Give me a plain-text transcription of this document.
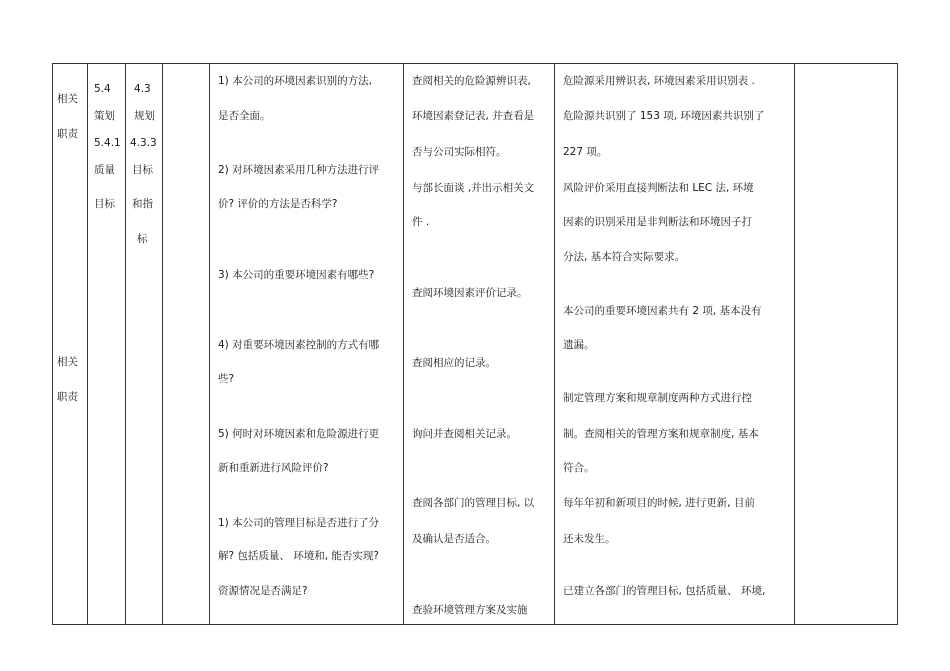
相关
职责
相关
职责
5.4
策划
5.4.1
质量
目标
4.3
规划
4.3.3
目标
和指
标
1) 本公司的环境因素识别的方法,
是否全面。
2) 对环境因素采用几种方法进行评
价? 评价的方法是否科学?
3) 本公司的重要环境因素有哪些?
4) 对重要环境因素控制的方式有哪
些?
5) 何时对环境因素和危险源进行更
新和重新进行风险评价?
1) 本公司的管理目标是否进行了分
解? 包括质量、 环境和, 能否实现?
资源情况是否满足?
查阅相关的危险源辨识表,
环境因素登记表, 并查看是
否与公司实际相符。
与部长面谈 ,并出示相关文
件 .
查阅环境因素评价记录。
查阅相应的记录。
询问并查阅相关记录。
查阅各部门的管理目标, 以
及确认是否适合。
查验环境管理方案及实施
危险源采用辨识表, 环境因素采用识别表 .
危险源共识别了 153 项, 环境因素共识别了
227 项。
风险评价采用直接判断法和 LEC 法, 环境
因素的识别采用是非判断法和环境因子打
分法, 基本符合实际要求。
本公司的重要环境因素共有 2 项, 基本没有
遗漏。
制定管理方案和规章制度两种方式进行控
制。查阅相关的管理方案和规章制度, 基本
符合。
每年年初和新项目的时候, 进行更新, 目前
还未发生。
已建立各部门的管理目标, 包括质量、 环境,
